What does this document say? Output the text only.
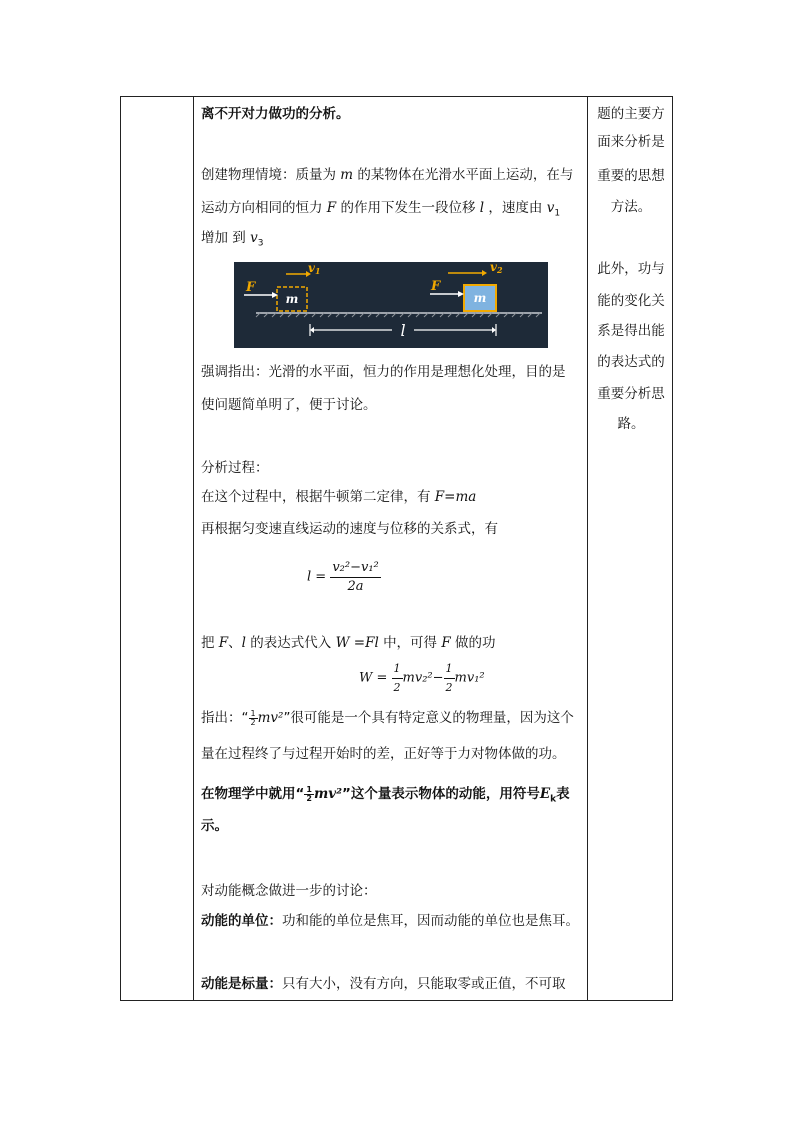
离不开对力做功的分析。
创建物理情境：质量为 m 的某物体在光滑水平面上运动，在与
运动方向相同的恒力 F 的作用下发生一段位移 l ，速度由 $v_1$
增加 到 $v_3$
m
F
v1
m
F
v2
l
强调指出：光滑的水平面，恒力的作用是理想化处理，目的是
使问题简单明了，便于讨论。
分析过程：
在这个过程中，根据牛顿第二定律，有 F=ma
再根据匀变速直线运动的速度与位移的关系式，有
$l = \frac{\text{v₂²−v₁²}}{2a}$
把 F、l 的表达式代入 W =Fl 中，可得 F 做的功
$W = \frac{1}{2} mv_2^2- \frac{1}{2} mv_1^2$
指出：“ $\frac{1}{2} mv^2$”很可能是一个具有特定意义的物理量，因为这个
量在过程终了与过程开始时的差，正好等于力对物体做的功。
在物理学中就用“ $\frac{1}{2} mv^2$”这个量表示物体的动能，用符号$E_k$表
示。
对动能概念做进一步的讨论：
动能的单位：功和能的单位是焦耳，因而动能的单位也是焦耳。
动能是标量：只有大小，没有方向，只能取零或正值，不可取
题的主要方
面来分析是
重要的思想
方法。
此外，功与
能的变化关
系是得出能
的表达式的
重要分析思
路。
